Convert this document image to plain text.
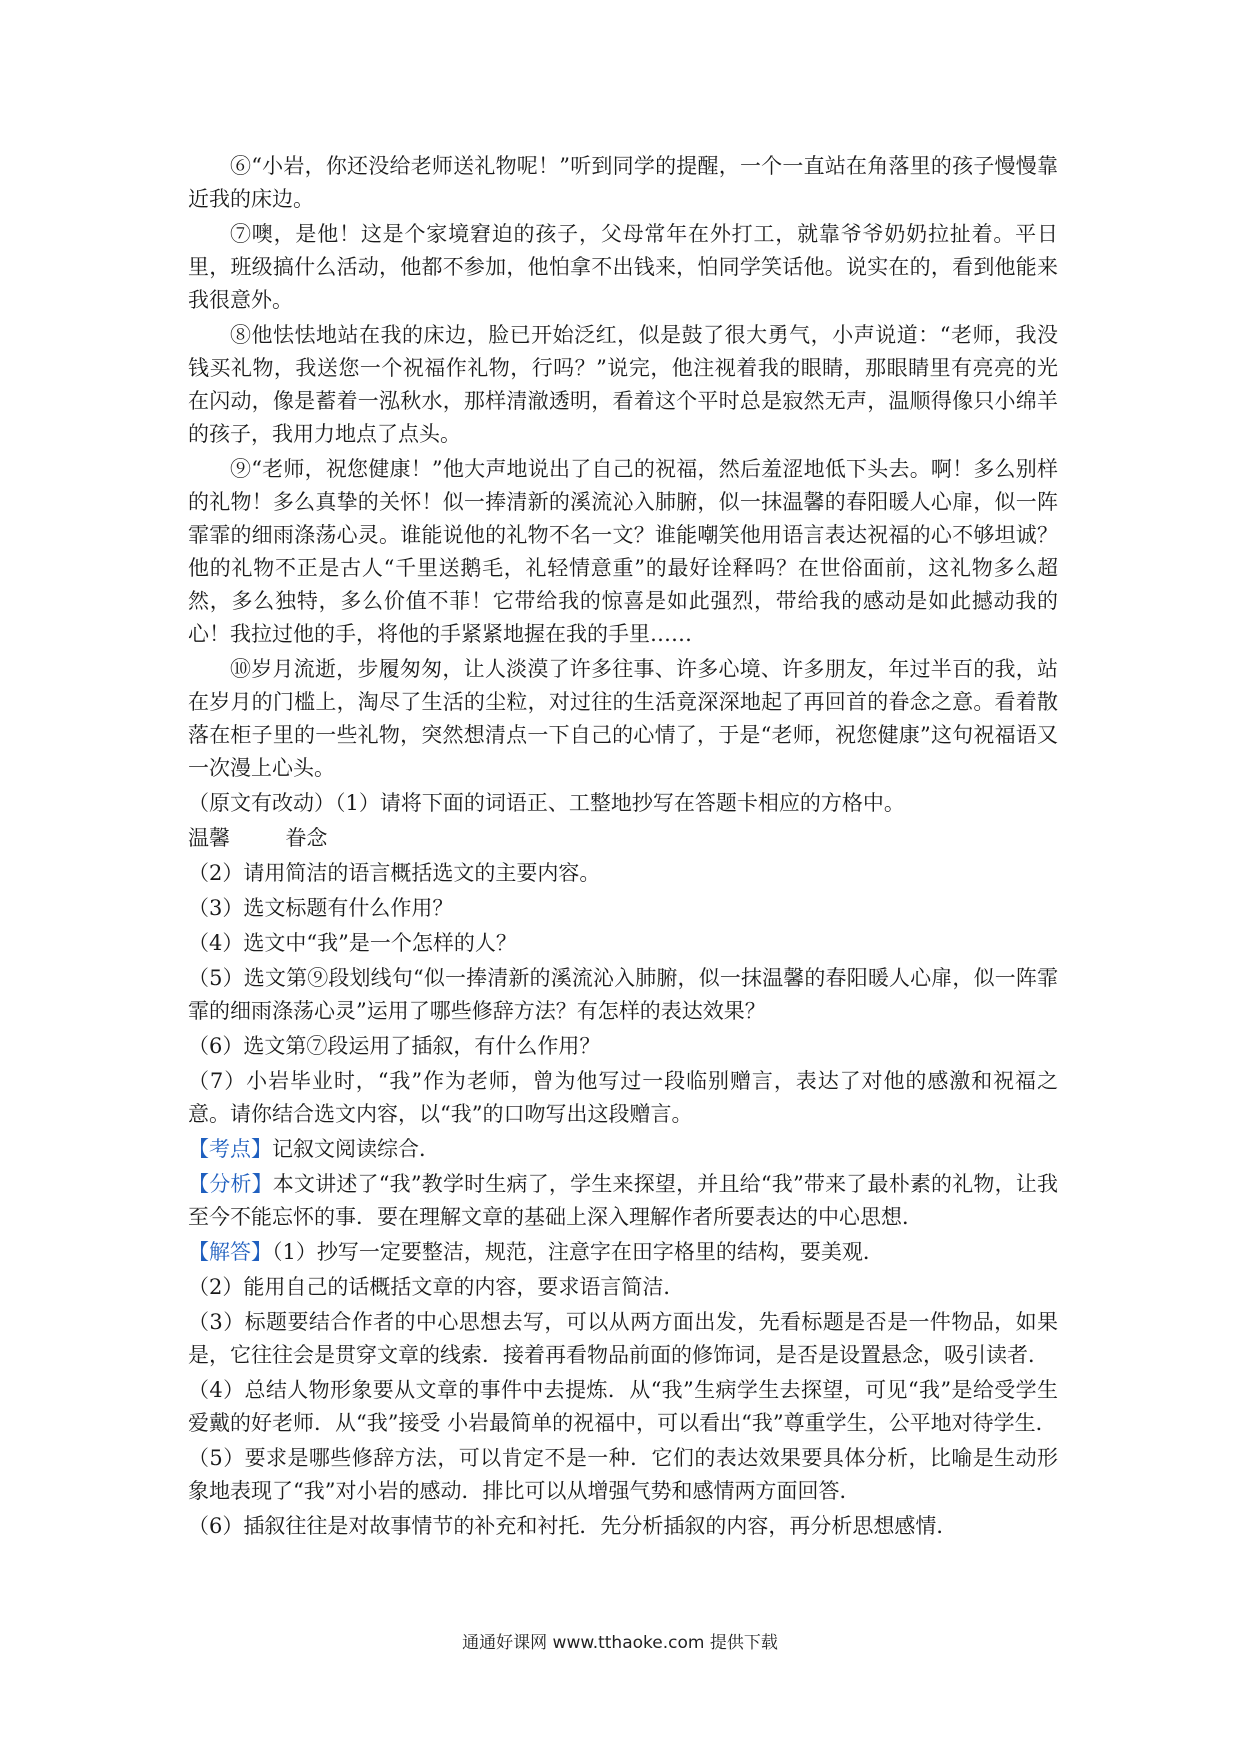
⑥“小岩，你还没给老师送礼物呢！”听到同学的提醒，一个一直站在角落里的孩子慢慢靠近我的床边。

⑦噢，是他！这是个家境窘迫的孩子，父母常年在外打工，就靠爷爷奶奶拉扯着。平日里，班级搞什么活动，他都不参加，他怕拿不出钱来，怕同学笑话他。说实在的，看到他能来我很意外。

⑧他怯怯地站在我的床边，脸已开始泛红，似是鼓了很大勇气，小声说道：“老师，我没钱买礼物，我送您一个祝福作礼物，行吗？”说完，他注视着我的眼睛，那眼睛里有亮亮的光在闪动，像是蓄着一泓秋水，那样清澈透明，看着这个平时总是寂然无声，温顺得像只小绵羊的孩子，我用力地点了点头。

⑨“老师，祝您健康！”他大声地说出了自己的祝福，然后羞涩地低下头去。啊！多么别样的礼物！多么真挚的关怀！似一捧清新的溪流沁入肺腑，似一抹温馨的春阳暖人心扉，似一阵霏霏的细雨涤荡心灵。谁能说他的礼物不名一文？谁能嘲笑他用语言表达祝福的心不够坦诚？他的礼物不正是古人“千里送鹅毛，礼轻情意重”的最好诠释吗？在世俗面前，这礼物多么超然，多么独特，多么价值不菲！它带给我的惊喜是如此强烈，带给我的感动是如此撼动我的心！我拉过他的手，将他的手紧紧地握在我的手里……

⑩岁月流逝，步履匆匆，让人淡漠了许多往事、许多心境、许多朋友，年过半百的我，站在岁月的门槛上，淘尽了生活的尘粒，对过往的生活竟深深地起了再回首的眷念之意。看着散落在柜子里的一些礼物，突然想清点一下自己的心情了，于是“老师，祝您健康”这句祝福语又一次漫上心头。

（原文有改动）（1）请将下面的词语正、工整地抄写在答题卡相应的方格中。

温馨	眷念

（2）请用简洁的语言概括选文的主要内容。

（3）选文标题有什么作用？

（4）选文中“我”是一个怎样的人？

（5）选文第⑨段划线句“似一捧清新的溪流沁入肺腑，似一抹温馨的春阳暖人心扉，似一阵霏霏的细雨涤荡心灵”运用了哪些修辞方法？有怎样的表达效果？

（6）选文第⑦段运用了插叙，有什么作用？

（7）小岩毕业时，“我”作为老师，曾为他写过一段临别赠言，表达了对他的感激和祝福之意。请你结合选文内容，以“我”的口吻写出这段赠言。

【考点】记叙文阅读综合．

【分析】本文讲述了“我”教学时生病了，学生来探望，并且给“我”带来了最朴素的礼物，让我至今不能忘怀的事．要在理解文章的基础上深入理解作者所要表达的中心思想．

【解答】（1）抄写一定要整洁，规范，注意字在田字格里的结构，要美观．

（2）能用自己的话概括文章的内容，要求语言简洁．

（3）标题要结合作者的中心思想去写，可以从两方面出发，先看标题是否是一件物品，如果是，它往往会是贯穿文章的线索．接着再看物品前面的修饰词，是否是设置悬念，吸引读者．

（4）总结人物形象要从文章的事件中去提炼．从“我”生病学生去探望，可见“我”是给受学生爱戴的好老师．从“我”接受 小岩最简单的祝福中，可以看出“我”尊重学生，公平地对待学生．

（5）要求是哪些修辞方法，可以肯定不是一种．它们的表达效果要具体分析，比喻是生动形象地表现了“我”对小岩的感动．排比可以从增强气势和感情两方面回答．

（6）插叙往往是对故事情节的补充和衬托．先分析插叙的内容，再分析思想感情．

通通好课网 www.tthaoke.com 提供下载
